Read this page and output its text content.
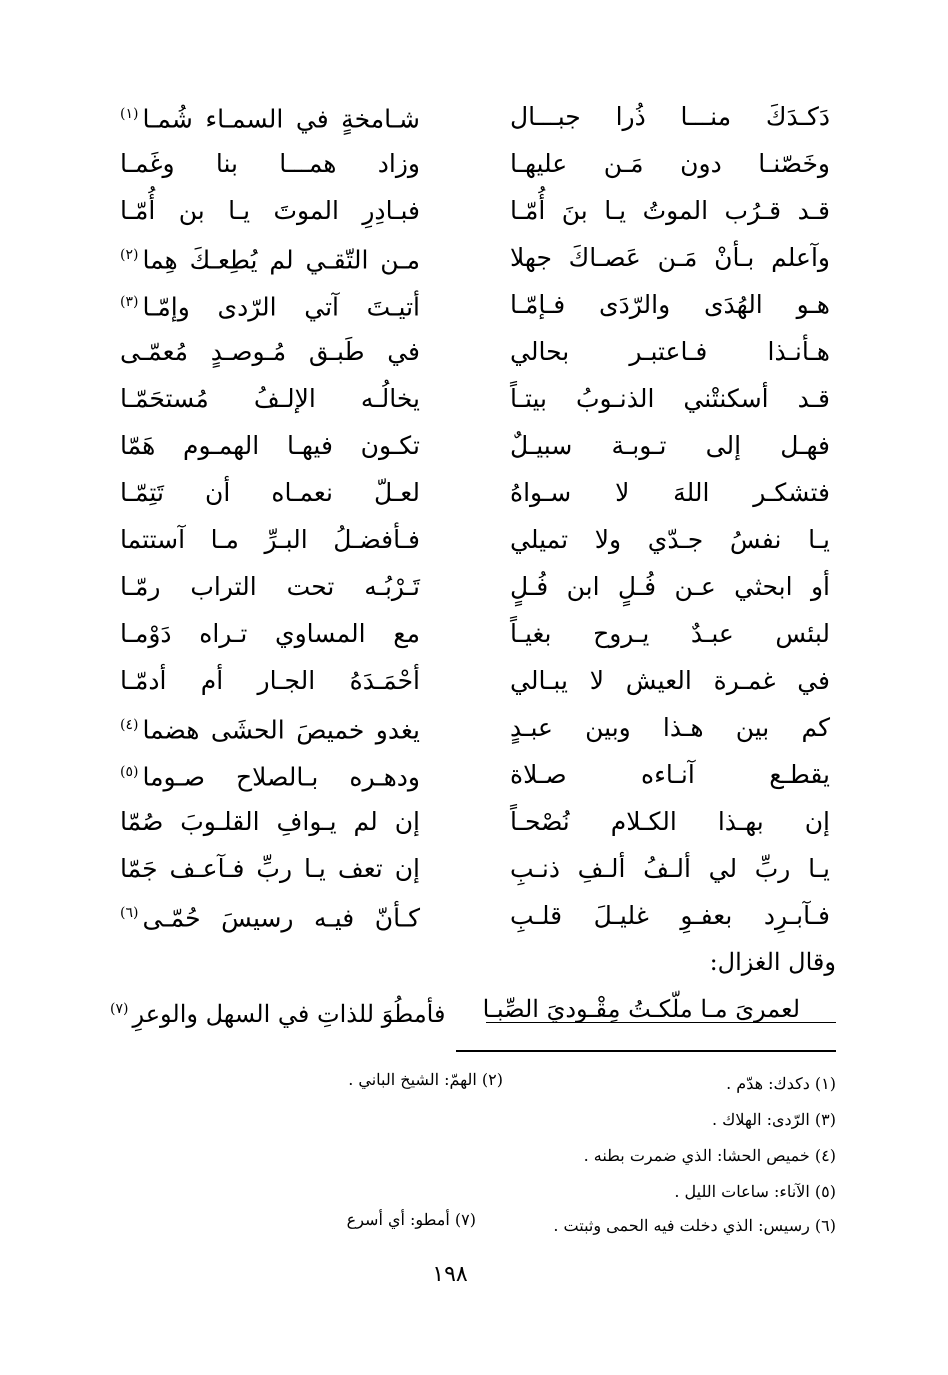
دَكـدَكَ منـــا ذُرا جبـــال
شـامخةٍ في السمـاء شُمـا$^{(١)}$
وخَصّنـا دون مَـن عليهـا
وزاد همـــا بنا وغَمـا
قـد قـرُب الموتُ يـا بنَ أُمّـا
فبـادِرِ الموتَ يـا بن أُمّـا
وآعلم بـأنْ مَـن عَصـاكَ جهلا
مـن التّقـي لم يُطِعـكَ هِما$^{(٢)}$
هـو الهُدَى والرّدَى فـإمّـا
أتيـتَ آتي الرّدى وإمّـا$^{(٣)}$
هـأنـذا فـاعتبـر بحالي
في طَبـق مُـوصـدٍ مُعمّـى
قـد أسكنتْني الذنـوبُ بيتـاً
يخالُـه الإلـفُ مُستحَمّـا
فهـل إلى تـوبـة سبيـلٌ
تكـون فيهـا الهمـوم هَمّا
فتشكـر اللهَ لا سـواهُ
لعـلّ نعمـاه أن تَتِمّـا
يـا نفسُ جـدّي ولا تميلي
فـأفضـلُ البـرِّ مـا آستتما
أو ابحثي عـن فُـلٍ ابن فُـلٍ
تَـرْبُـه تحت التراب رمّـا
لبئس عبـدٌ يـروح بغيـاً
مع المساوي تـراه دَوْمـا
في غمـرة العيش لا يبـالي
أحْمَـدَهُ الجـار أم أدمّـا
كم بين هـذا وبين عبـدٍ
يغدو خميصَ الحشَى هضما$^{(٤)}$
يقطـع آنـاءه صـلاة
ودهـره بـالصلاح صـوما$^{(٥)}$
إن بهـذا الكـلام نُصْحـاً
إن لم يـوافِ القلـوبَ صُمّا
يـا ربِّ لي ألـفُ ألـفِ ذنـبِ
إن تعف يـا ربِّ فـآعـف جَمّا
فـآبـرِد بعفـوِ غليـلَ قلـبِ
كـأنّ فيـه رسيسَ حُمّـى$^{(٦)}$
وقال الغزال:
لعمرىَ مـا ملّكـتُ مِقْـوديَ الصِّبـا
فأمطُوَ للذاتِ في السهل والوعرِ$^{(٧)}$
(١) دكدك: هدّم .
(٢) الهمّ: الشيخ الباني .
(٣) الرّدى: الهلاك .
(٤) خميص الحشا: الذي ضمرت بطنه .
(٥) الآناء: ساعات الليل .
(٦) رسيس: الذي دخلت فيه الحمى وثبتت .
(٧) أمطو: أي أسرع
١٩٨
